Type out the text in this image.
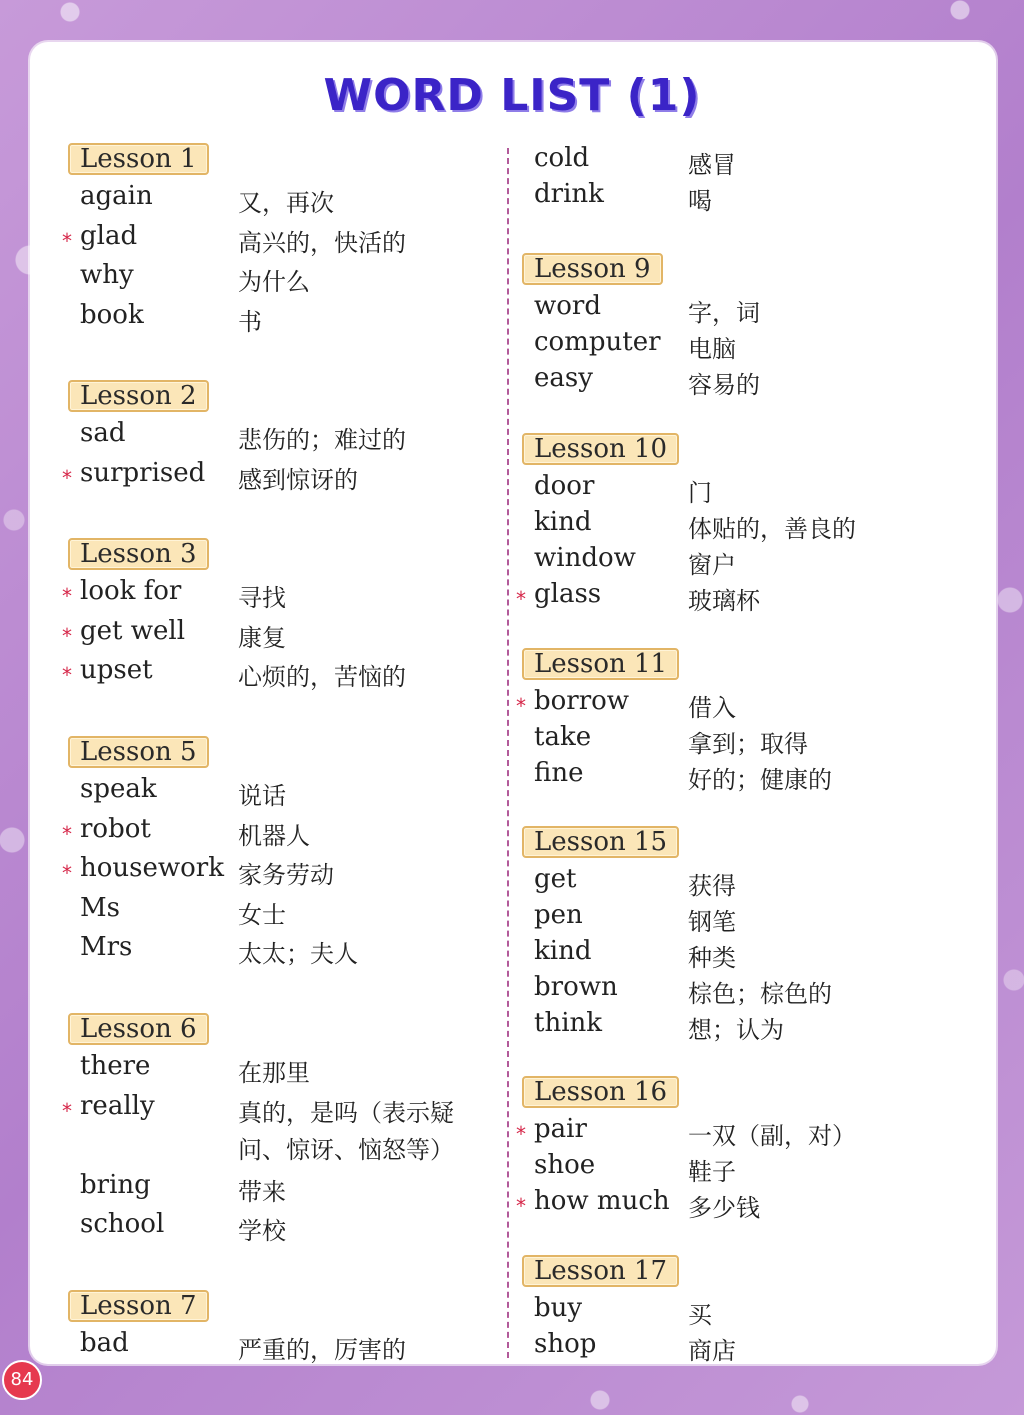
WORD LIST (1)
Lesson 1
again	又，再次
* glad	高兴的，快活的
why	为什么
book	书
Lesson 2
sad	悲伤的；难过的
* surprised 感到惊讶的
Lesson 3
* look for 寻找
* get well 康复
* upset	心烦的，苦恼的
Lesson 5
speak	说话
* robot	机器人
* housework 家务劳动
Ms	女士
Mrs	太太；夫人
Lesson 6
there	在那里
* really	真的，是吗（表示疑
问、惊讶、恼怒等）
bring	带来
school	学校
Lesson 7
bad	严重的，厉害的
cold	感冒
drink	喝
Lesson 9
word	字，词
computer 电脑
easy	容易的
Lesson 10
door	门
kind	体贴的，善良的
window 窗户
* glass	玻璃杯
Lesson 11
* borrow 借入
take	拿到；取得
fine	好的；健康的
Lesson 15
get	获得
pen	钢笔
kind	种类
brown	棕色；棕色的
think	想；认为
Lesson 16
* pair	一双（副，对）
shoe	鞋子
* how much 多少钱
Lesson 17
buy	买
shop	商店
84
